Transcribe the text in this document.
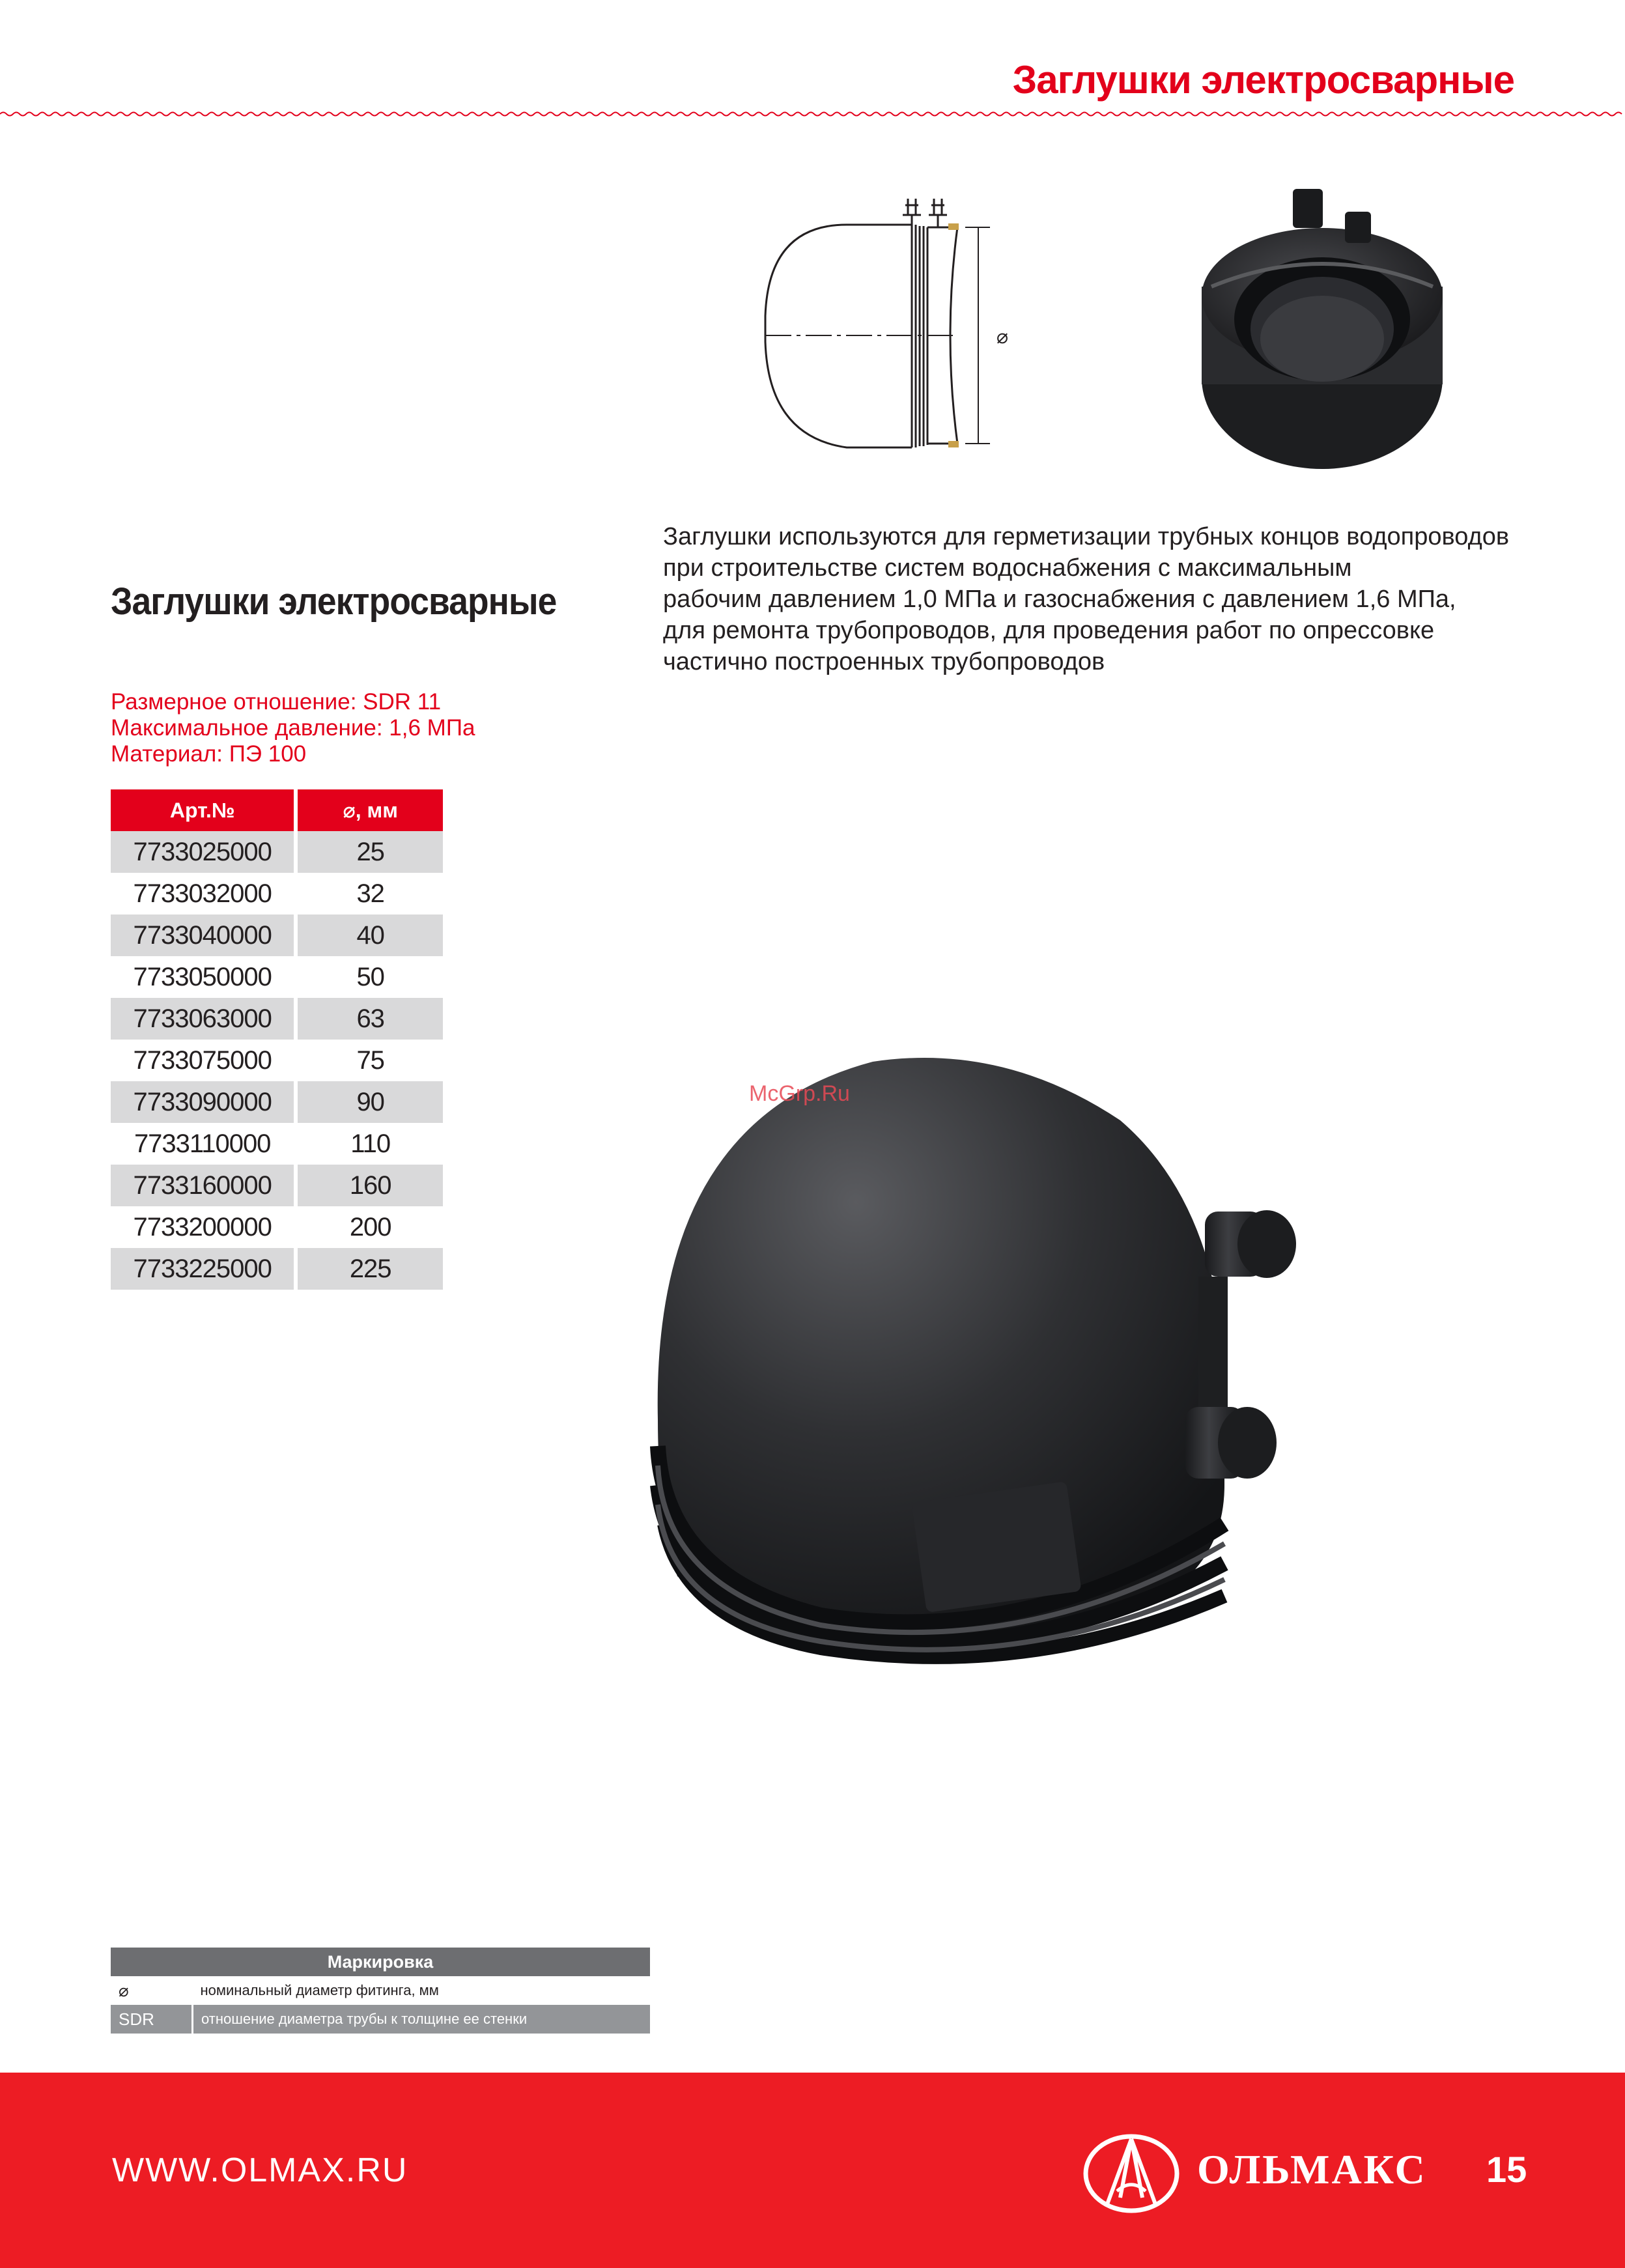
Заглушки электросварные
⌀
McGrp.Ru
Заглушки электросварные
Заглушки используются для герметизации трубных концов водопроводов
при строительстве систем водоснабжения с максимальным
рабочим давлением 1,0 МПа и газоснабжения с давлением 1,6 МПа,
для ремонта трубопроводов, для проведения работ по опрессовке
частично построенных трубопроводов
Размерное отношение: SDR 11
Максимальное давление: 1,6 МПа
Материал: ПЭ 100
Арт.№	⌀, мм
7733025000	25
7733032000	32
7733040000	40
7733050000	50
7733063000	63
7733075000	75
7733090000	90
7733110000	110
7733160000	160
7733200000	200
7733225000	225
Маркировка	
⌀	номинальный диаметр фитинга, мм
SDR	отношение диаметра трубы к толщине ее стенки
WWW.OLMAX.RU	ОЛЬМАКС 15
